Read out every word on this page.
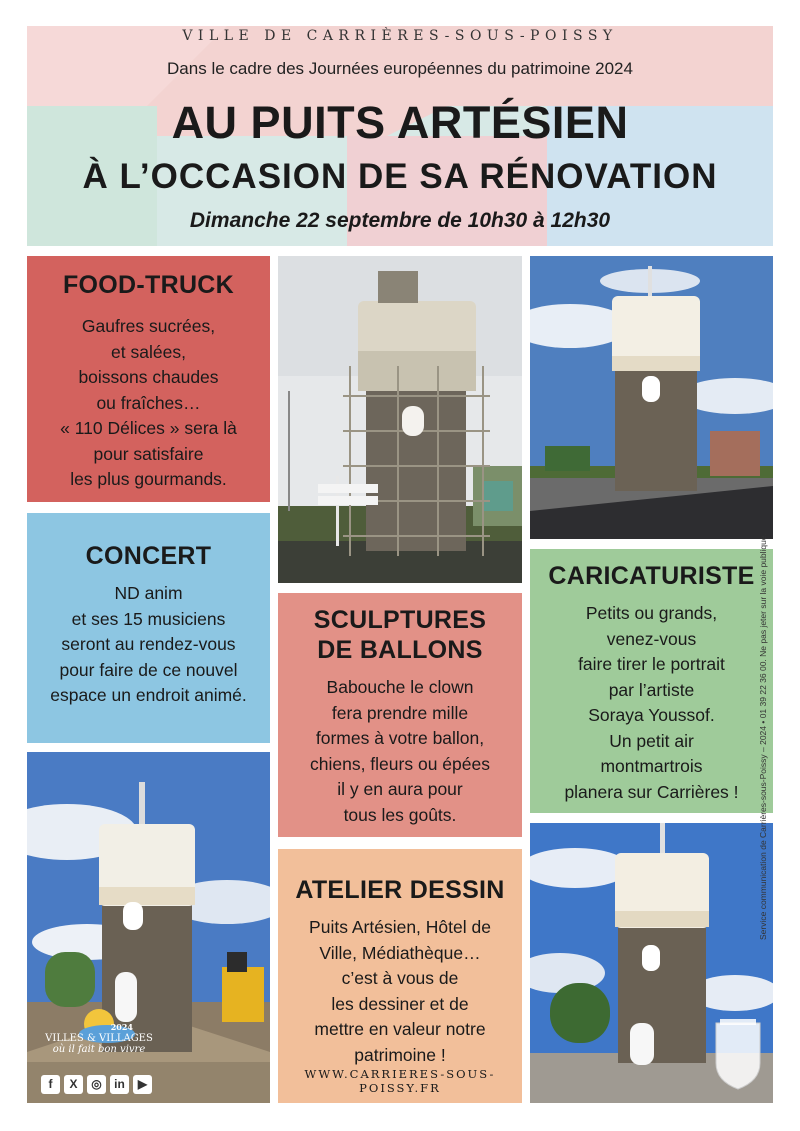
VILLE DE CARRIÈRES-SOUS-POISSY
Dans le cadre des Journées européennes du patrimoine 2024
AU PUITS ARTÉSIEN
À L’OCCASION DE SA RÉNOVATION
Dimanche 22 septembre de 10h30 à 12h30
FOOD-TRUCK
Gaufres sucrées,
et salées,
boissons chaudes
ou fraîches…
« 110 Délices » sera là
pour satisfaire
les plus gourmands.
CONCERT
ND anim
et ses 15 musiciens
seront au rendez-vous
pour faire de ce nouvel
espace un endroit animé.
SCULPTURES
DE BALLONS
Babouche le clown
fera prendre mille
formes à votre ballon,
chiens, fleurs ou épées
il y en aura pour
tous les goûts.
ATELIER DESSIN
Puits Artésien, Hôtel de
Ville, Médiathèque…
c’est à vous de
les dessiner et de
mettre en valeur notre
patrimoine !
WWW.CARRIERES-SOUS-POISSY.FR
CARICATURISTE
Petits ou grands,
venez-vous
faire tirer le portrait
par l’artiste
Soraya Youssof.
Un petit air
montmartrois
planera sur Carrières !
2024
VILLES & VILLAGES
où il fait bon vivre
f	X	◎	in	▶
Service communication de Carrières-sous-Poissy – 2024 • 01 39 22 36 00. Ne pas jeter sur la voie publique.
